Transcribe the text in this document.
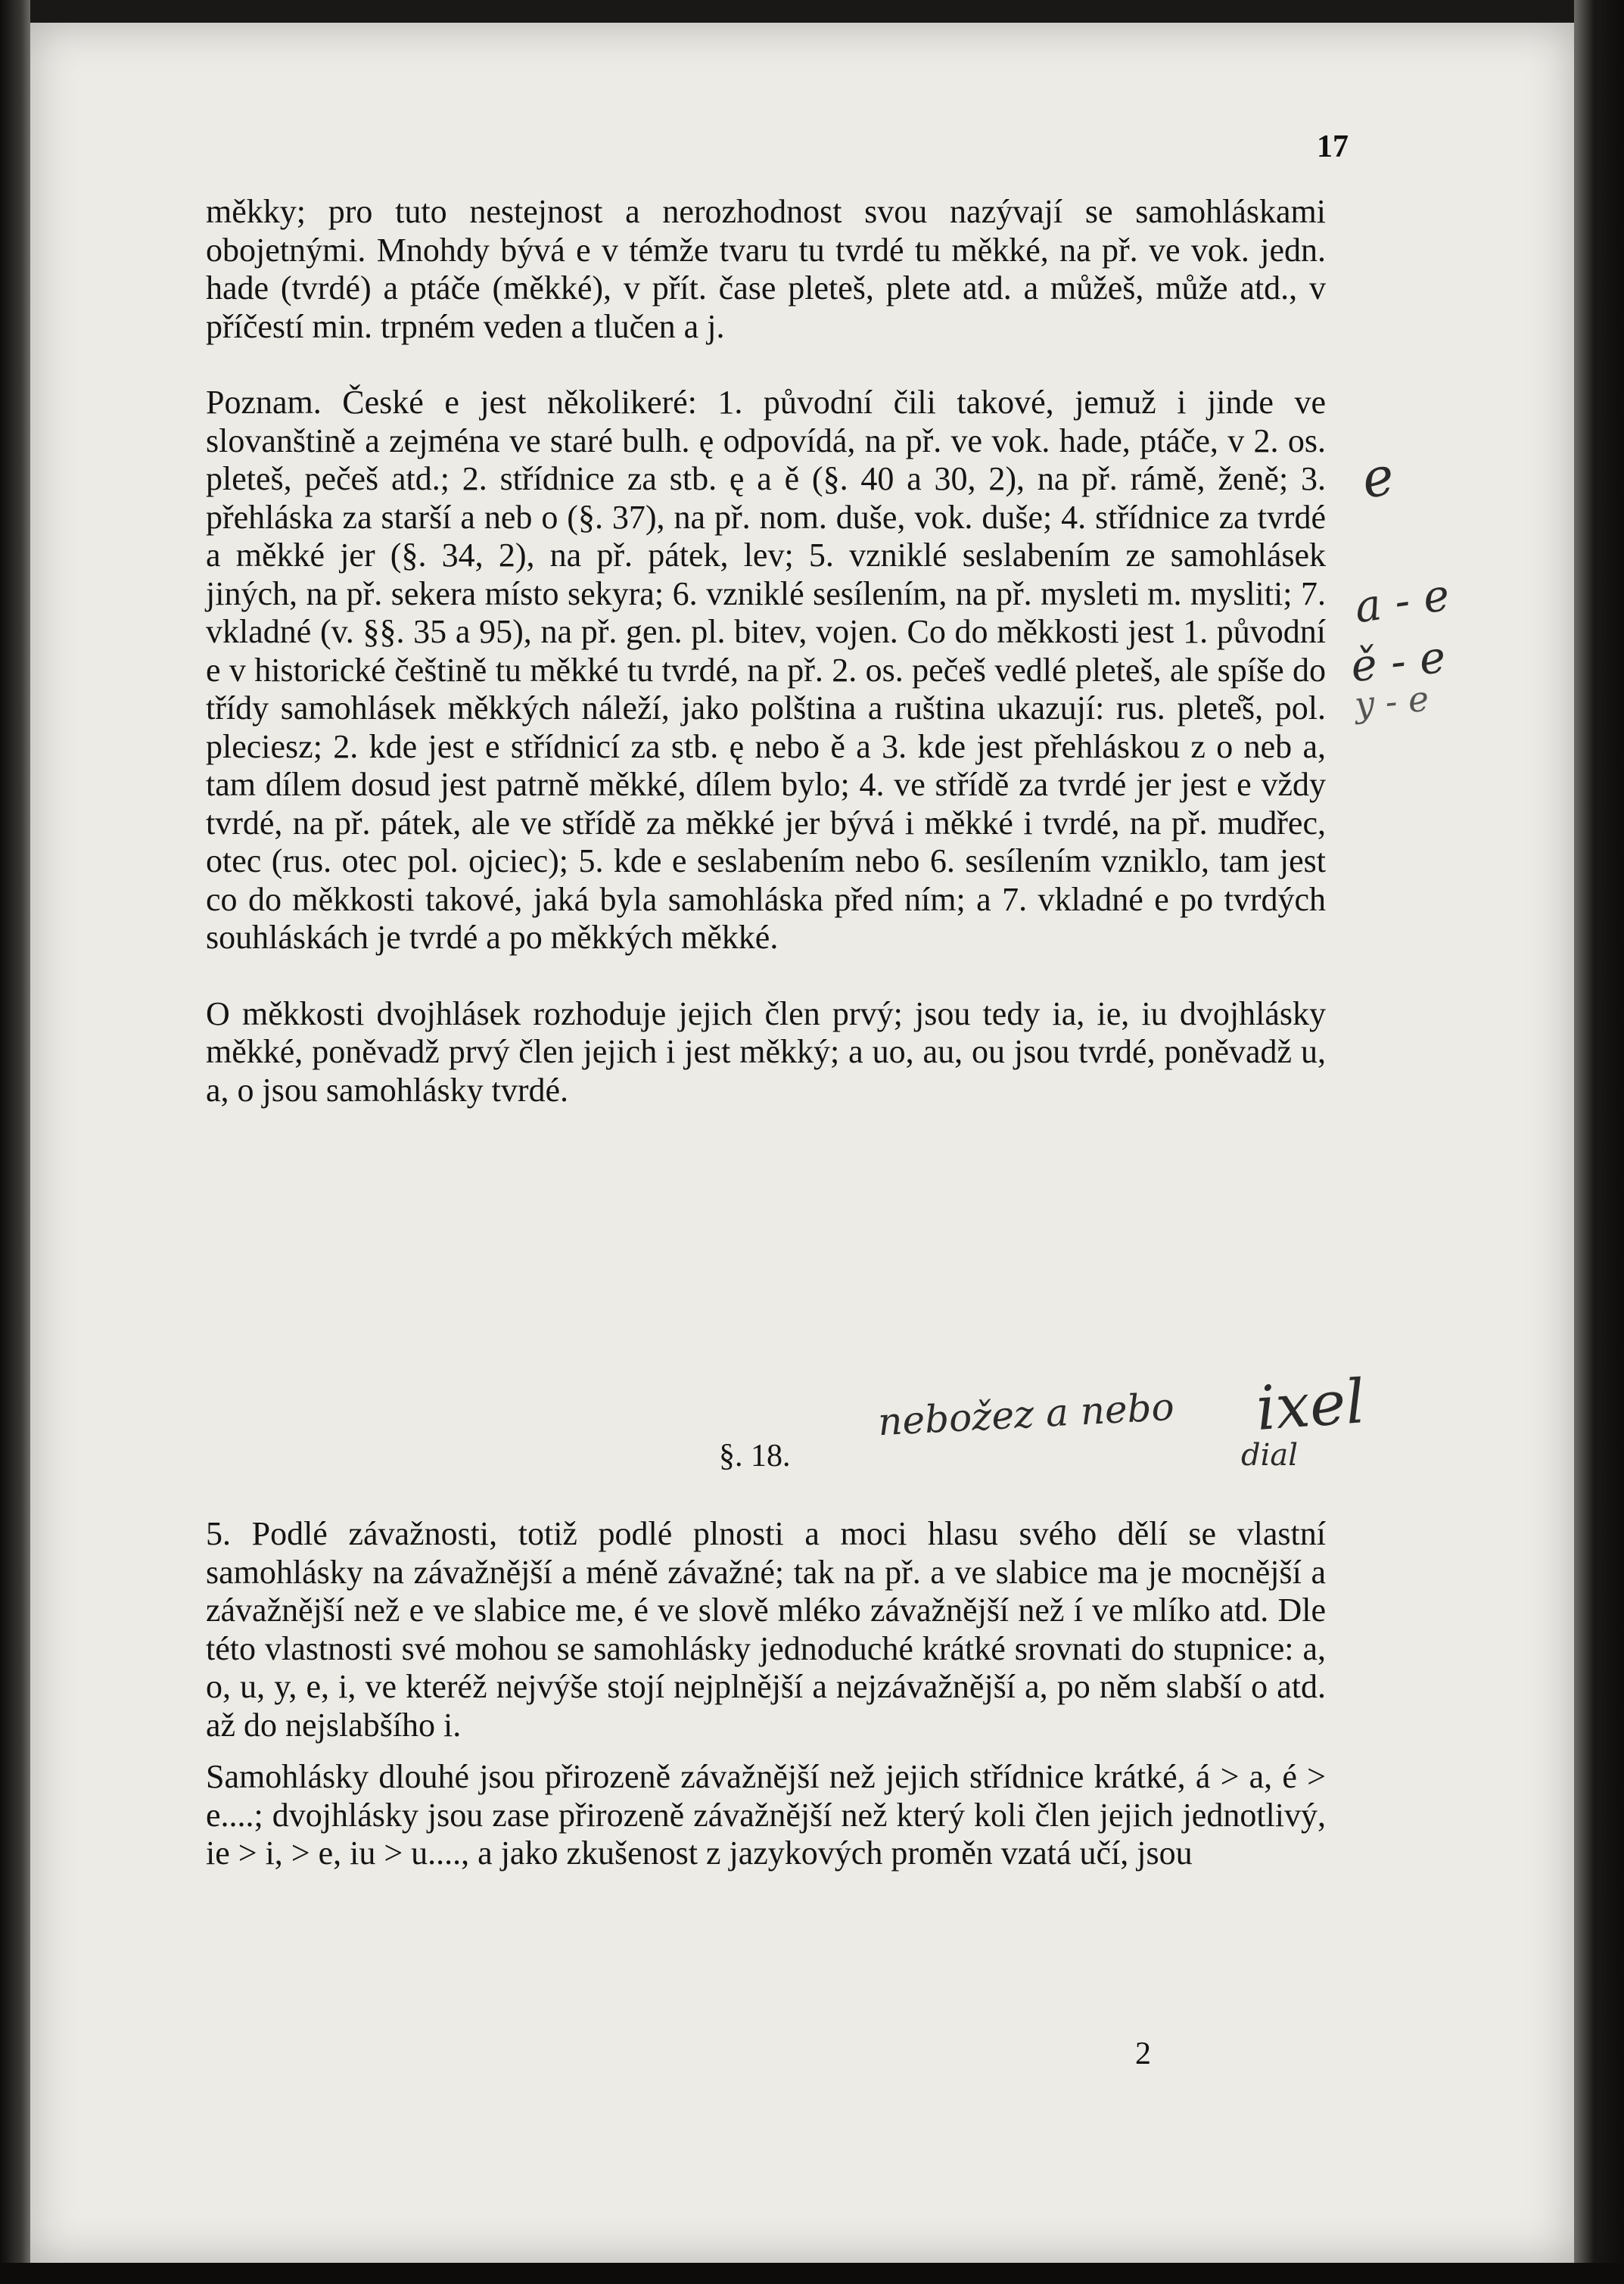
17

měkky; pro tuto nestejnost a nerozhodnost svou nazývají se samohláskami obojetnými. Mnohdy bývá e v témže tvaru tu tvrdé tu měkké, na př. ve vok. jedn. hade (tvrdé) a ptáče (měkké), v přít. čase pleteš, plete atd. a můžeš, může atd., v příčestí min. trpném veden a tlučen a j.

Poznam. České e jest několikeré: 1. původní čili takové, jemuž i jinde ve slovanštině a zejména ve staré bulh. ę odpovídá, na př. ve vok. hade, ptáče, v 2. os. pleteš, pečeš atd.; 2. střídnice za stb. ę a ě (§. 40 a 30, 2), na př. rámě, ženě; 3. přehláska za starší a neb o (§. 37), na př. nom. duše, vok. duše; 4. střídnice za tvrdé a měkké jer (§. 34, 2), na př. pátek, lev; 5. vzniklé seslabením ze samohlásek jiných, na př. sekera místo sekyra; 6. vzniklé sesílením, na př. mysleti m. mysliti; 7. vkladné (v. §§. 35 a 95), na př. gen. pl. bitev, vojen. Co do měkkosti jest 1. původní e v historické češtině tu měkké tu tvrdé, na př. 2. os. pečeš vedlé pleteš, ale spíše do třídy samohlásek měkkých náleží, jako polština a ruština ukazují: rus. plete̊š, pol. pleciesz; 2. kde jest e střídnicí za stb. ę nebo ě a 3. kde jest přehláskou z o neb a, tam dílem dosud jest patrně měkké, dílem bylo; 4. ve střídě za tvrdé jer jest e vždy tvrdé, na př. pátek, ale ve střídě za měkké jer bývá i měkké i tvrdé, na př. mudřec, otec (rus. otec pol. ojciec); 5. kde e seslabením nebo 6. sesílením vzniklo, tam jest co do měkkosti takové, jaká byla samohláska před ním; a 7. vkladné e po tvrdých souhláskách je tvrdé a po měkkých měkké.

O měkkosti dvojhlásek rozhoduje jejich člen prvý; jsou tedy ia, ie, iu dvojhlásky měkké, poněvadž prvý člen jejich i jest měkký; a uo, au, ou jsou tvrdé, poněvadž u, a, o jsou samohlásky tvrdé.

§. 18.

5. Podlé závažnosti, totiž podlé plnosti a moci hlasu svého dělí se vlastní samohlásky na závažnější a méně závažné; tak na př. a ve slabice ma je mocnější a závažnější než e ve slabice me, é ve slově mléko závažnější než í ve mlíko atd. Dle této vlastnosti své mohou se samohlásky jednoduché krátké srovnati do stupnice: a, o, u, y, e, i, ve kteréž nejvýše stojí nejplnější a nejzávažnější a, po něm slabší o atd. až do nejslabšího i.

Samohlásky dlouhé jsou přirozeně závažnější než jejich střídnice krátké, á > a, é > e....; dvojhlásky jsou zase přirozeně závažnější než který koli člen jejich jednotlivý, ie > i, > e, iu > u...., a jako zkušenost z jazykových proměn vzatá učí, jsou

2
e
a - e
ě - e
y - e
nebožez a nebo ixel
dial
